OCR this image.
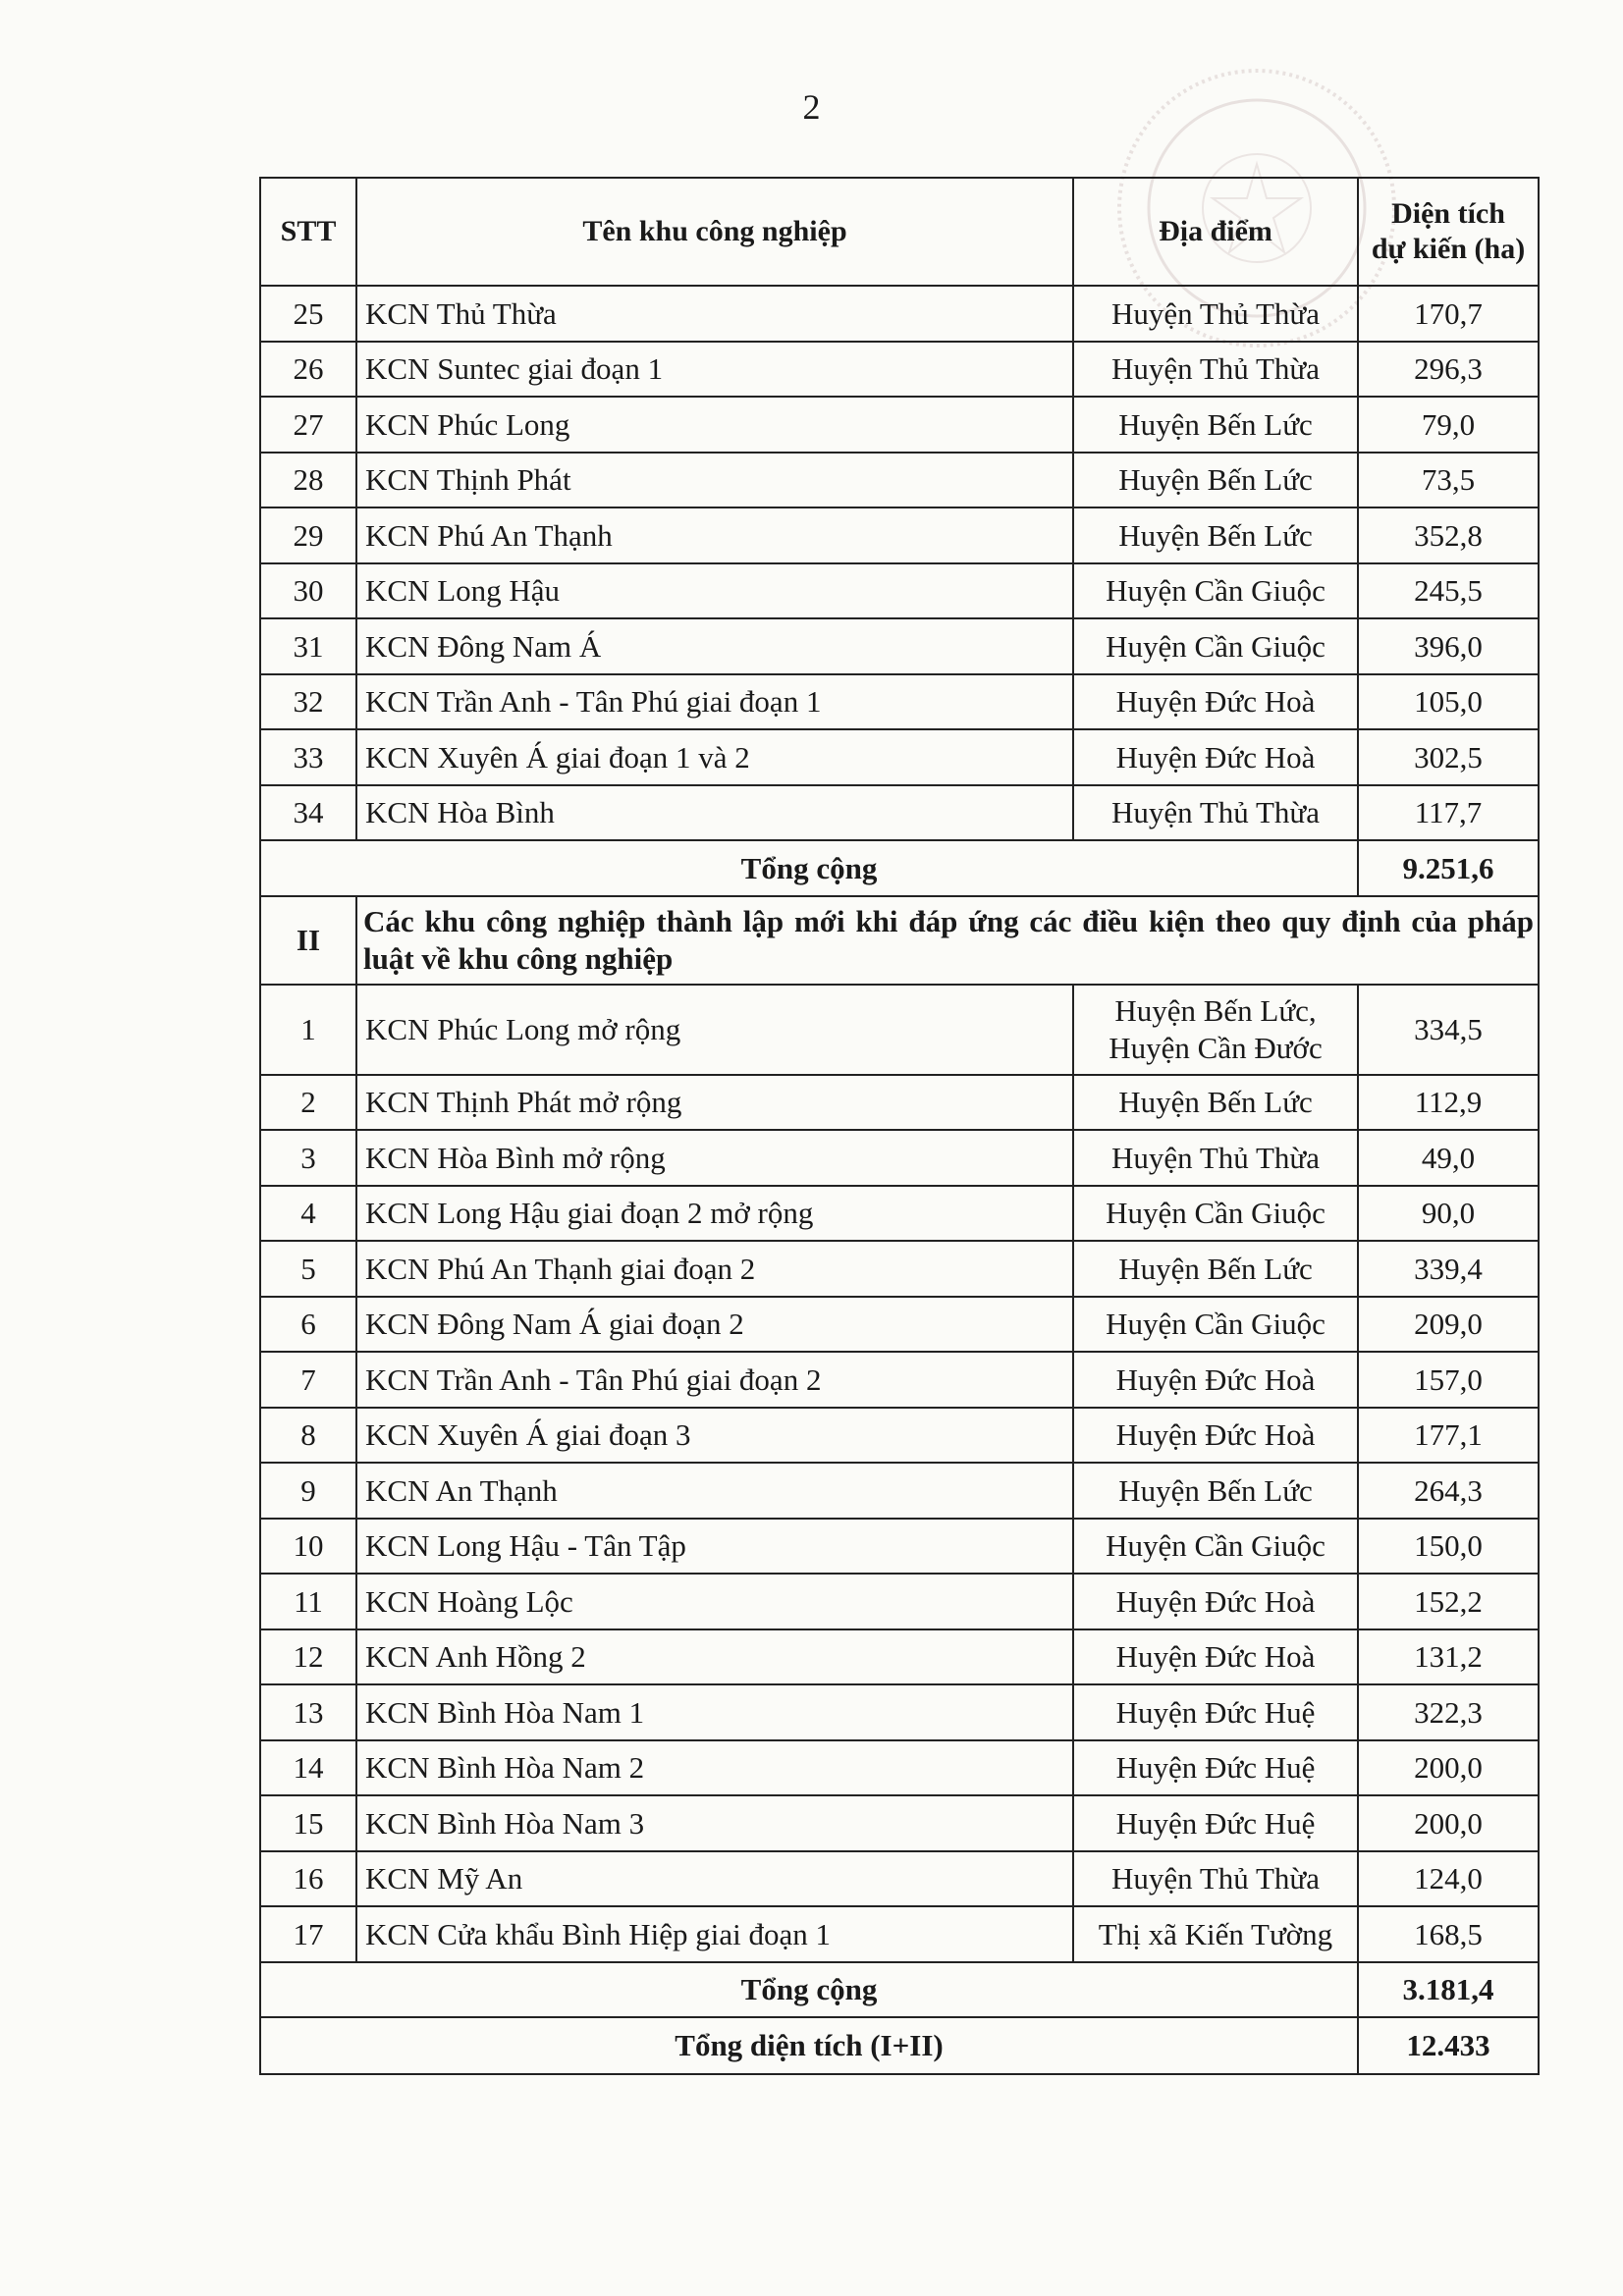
2
STT	Tên khu công nghiệp	Địa điểm	Diện tích
dự kiến (ha)
25	KCN Thủ Thừa	Huyện Thủ Thừa	170,7
26	KCN Suntec giai đoạn 1	Huyện Thủ Thừa	296,3
27	KCN Phúc Long	Huyện Bến Lức	79,0
28	KCN Thịnh Phát	Huyện Bến Lức	73,5
29	KCN Phú An Thạnh	Huyện Bến Lức	352,8
30	KCN Long Hậu	Huyện Cần Giuộc	245,5
31	KCN Đông Nam Á	Huyện Cần Giuộc	396,0
32	KCN Trần Anh - Tân Phú giai đoạn 1	Huyện Đức Hoà	105,0
33	KCN Xuyên Á giai đoạn 1 và 2	Huyện Đức Hoà	302,5
34	KCN Hòa Bình	Huyện Thủ Thừa	117,7
Tổng cộng			9.251,6
II	Các khu công nghiệp thành lập mới khi đáp ứng các điều kiện theo quy định của pháp luật về khu công nghiệp		
1	KCN Phúc Long mở rộng	Huyện Bến Lức,
Huyện Cần Đước	334,5
2	KCN Thịnh Phát mở rộng	Huyện Bến Lức	112,9
3	KCN Hòa Bình mở rộng	Huyện Thủ Thừa	49,0
4	KCN Long Hậu giai đoạn 2 mở rộng	Huyện Cần Giuộc	90,0
5	KCN Phú An Thạnh giai đoạn 2	Huyện Bến Lức	339,4
6	KCN Đông Nam Á giai đoạn 2	Huyện Cần Giuộc	209,0
7	KCN Trần Anh - Tân Phú giai đoạn 2	Huyện Đức Hoà	157,0
8	KCN Xuyên Á giai đoạn 3	Huyện Đức Hoà	177,1
9	KCN An Thạnh	Huyện Bến Lức	264,3
10	KCN Long Hậu - Tân Tập	Huyện Cần Giuộc	150,0
11	KCN Hoàng Lộc	Huyện Đức Hoà	152,2
12	KCN Anh Hồng 2	Huyện Đức Hoà	131,2
13	KCN Bình Hòa Nam 1	Huyện Đức Huệ	322,3
14	KCN Bình Hòa Nam 2	Huyện Đức Huệ	200,0
15	KCN Bình Hòa Nam 3	Huyện Đức Huệ	200,0
16	KCN Mỹ An	Huyện Thủ Thừa	124,0
17	KCN Cửa khẩu Bình Hiệp giai đoạn 1	Thị xã Kiến Tường	168,5
Tổng cộng			3.181,4
Tổng diện tích (I+II)			12.433
